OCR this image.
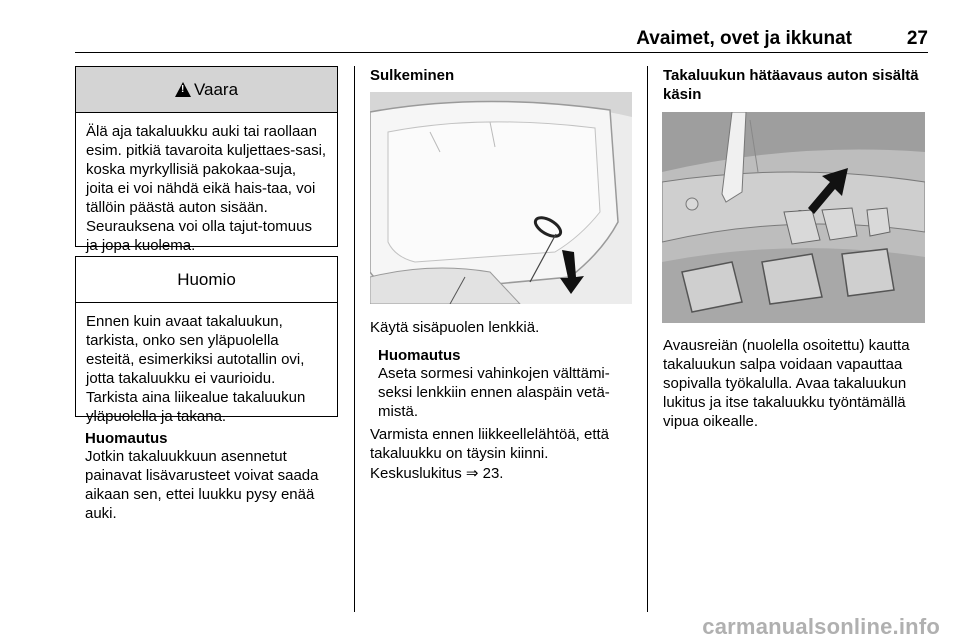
Avaimet, ovet ja ikkunat	27
!
Vaara
Älä aja takaluukku auki tai raollaan esim. pitkiä tavaroita kuljettaes-sasi, koska myrkyllisiä pakokaa-suja, joita ei voi nähdä eikä hais-taa, voi tällöin päästä auton sisään. Seurauksena voi olla tajut-tomuus ja jopa kuolema.
Huomio
Ennen kuin avaat takaluukun, tarkista, onko sen yläpuolella esteitä, esimerkiksi autotallin ovi, jotta takaluukku ei vaurioidu. Tarkista aina liikealue takaluukun yläpuolella ja takana.
Huomautus
Jotkin takaluukkuun asennetut painavat lisävarusteet voivat saada aikaan sen, ettei luukku pysy enää auki.
Sulkeminen
Käytä sisäpuolen lenkkiä.
Huomautus
Aseta sormesi vahinkojen välttämi-seksi lenkkiin ennen alaspäin vetä-mistä.
Varmista ennen liikkeellelähtöä, että takaluukku on täysin kiinni.
Keskuslukitus ⇒ 23.
Takaluukun hätäavaus auton sisältä käsin
Avausreiän (nuolella osoitettu) kautta takaluukun salpa voidaan vapauttaa sopivalla työkalulla. Avaa takaluukun lukitus ja itse takaluukku työntämällä vipua oikealle.
carmanualsonline.info
